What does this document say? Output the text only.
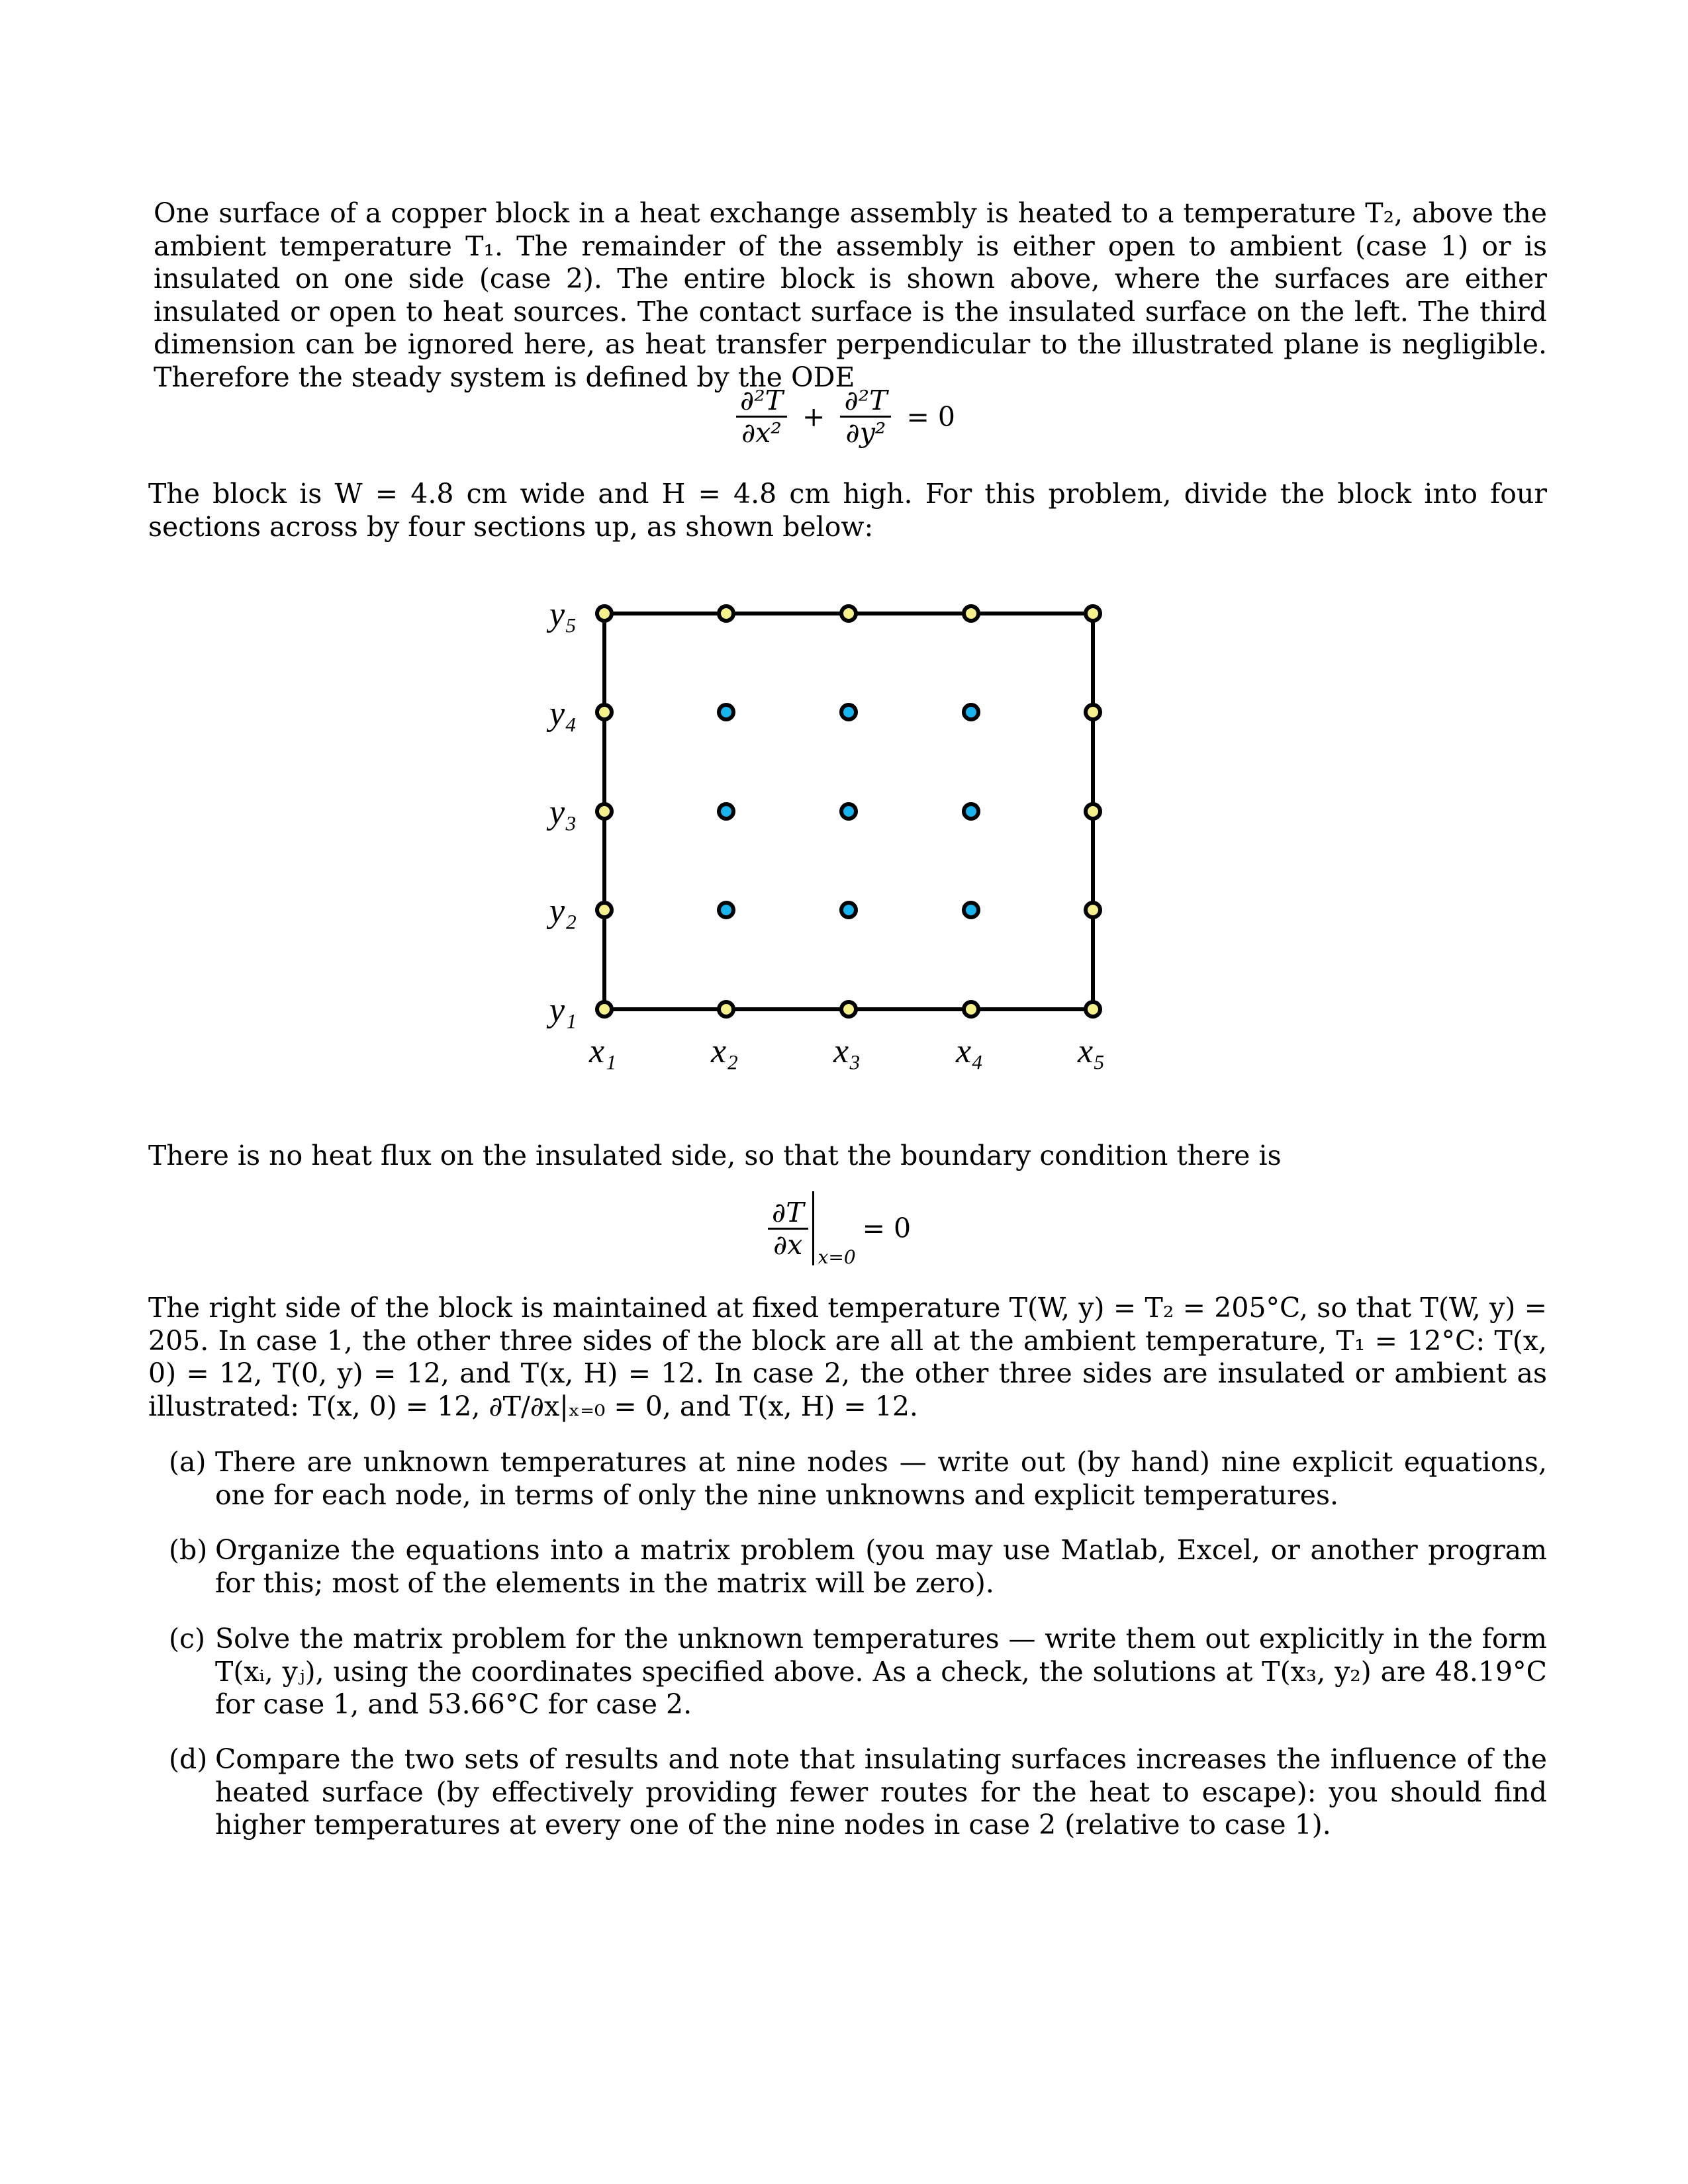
One surface of a copper block in a heat exchange assembly is heated to a temperature T₂, above the ambient temperature T₁. The remainder of the assembly is either open to ambient (case 1) or is insulated on one side (case 2). The entire block is shown above, where the surfaces are either insulated or open to heat sources. The contact surface is the insulated surface on the left. The third dimension can be ignored here, as heat transfer perpendicular to the illustrated plane is negligible. Therefore the steady system is defined by the ODE
$\frac{\text{∂²T}}{\text{∂x²}} + \frac{\text{∂²T}}{\text{∂y²}} = 0$
The block is W = 4.8 cm wide and H = 4.8 cm high. For this problem, divide the block into four sections across by four sections up, as shown below:
y₅
y₄
y₃
y₂
y₁
x₁	x₂	x₃	x₄	x₅
There is no heat flux on the insulated side, so that the boundary condition there is
$\frac{\partial T}{\partial x} x=0$
= 0
The right side of the block is maintained at fixed temperature T(W, y) = T₂ = 205°C, so that T(W, y) = 205. In case 1, the other three sides of the block are all at the ambient temperature, T₁ = 12°C: T(x, 0) = 12, T(0, y) = 12, and T(x, H) = 12. In case 2, the other three sides are insulated or ambient as illustrated: T(x, 0) = 12, ∂T/∂x|ₓ₌₀ = 0, and T(x, H) = 12.
(a) There are unknown temperatures at nine nodes — write out (by hand) nine explicit equations, one for each node, in terms of only the nine unknowns and explicit temperatures.
(b) Organize the equations into a matrix problem (you may use Matlab, Excel, or another program for this; most of the elements in the matrix will be zero).
(c) Solve the matrix problem for the unknown temperatures — write them out explicitly in the form T(xᵢ, yⱼ), using the coordinates specified above. As a check, the solutions at T(x₃, y₂) are 48.19°C for case 1, and 53.66°C for case 2.
(d) Compare the two sets of results and note that insulating surfaces increases the influence of the heated surface (by effectively providing fewer routes for the heat to escape): you should find higher temperatures at every one of the nine nodes in case 2 (relative to case 1).
